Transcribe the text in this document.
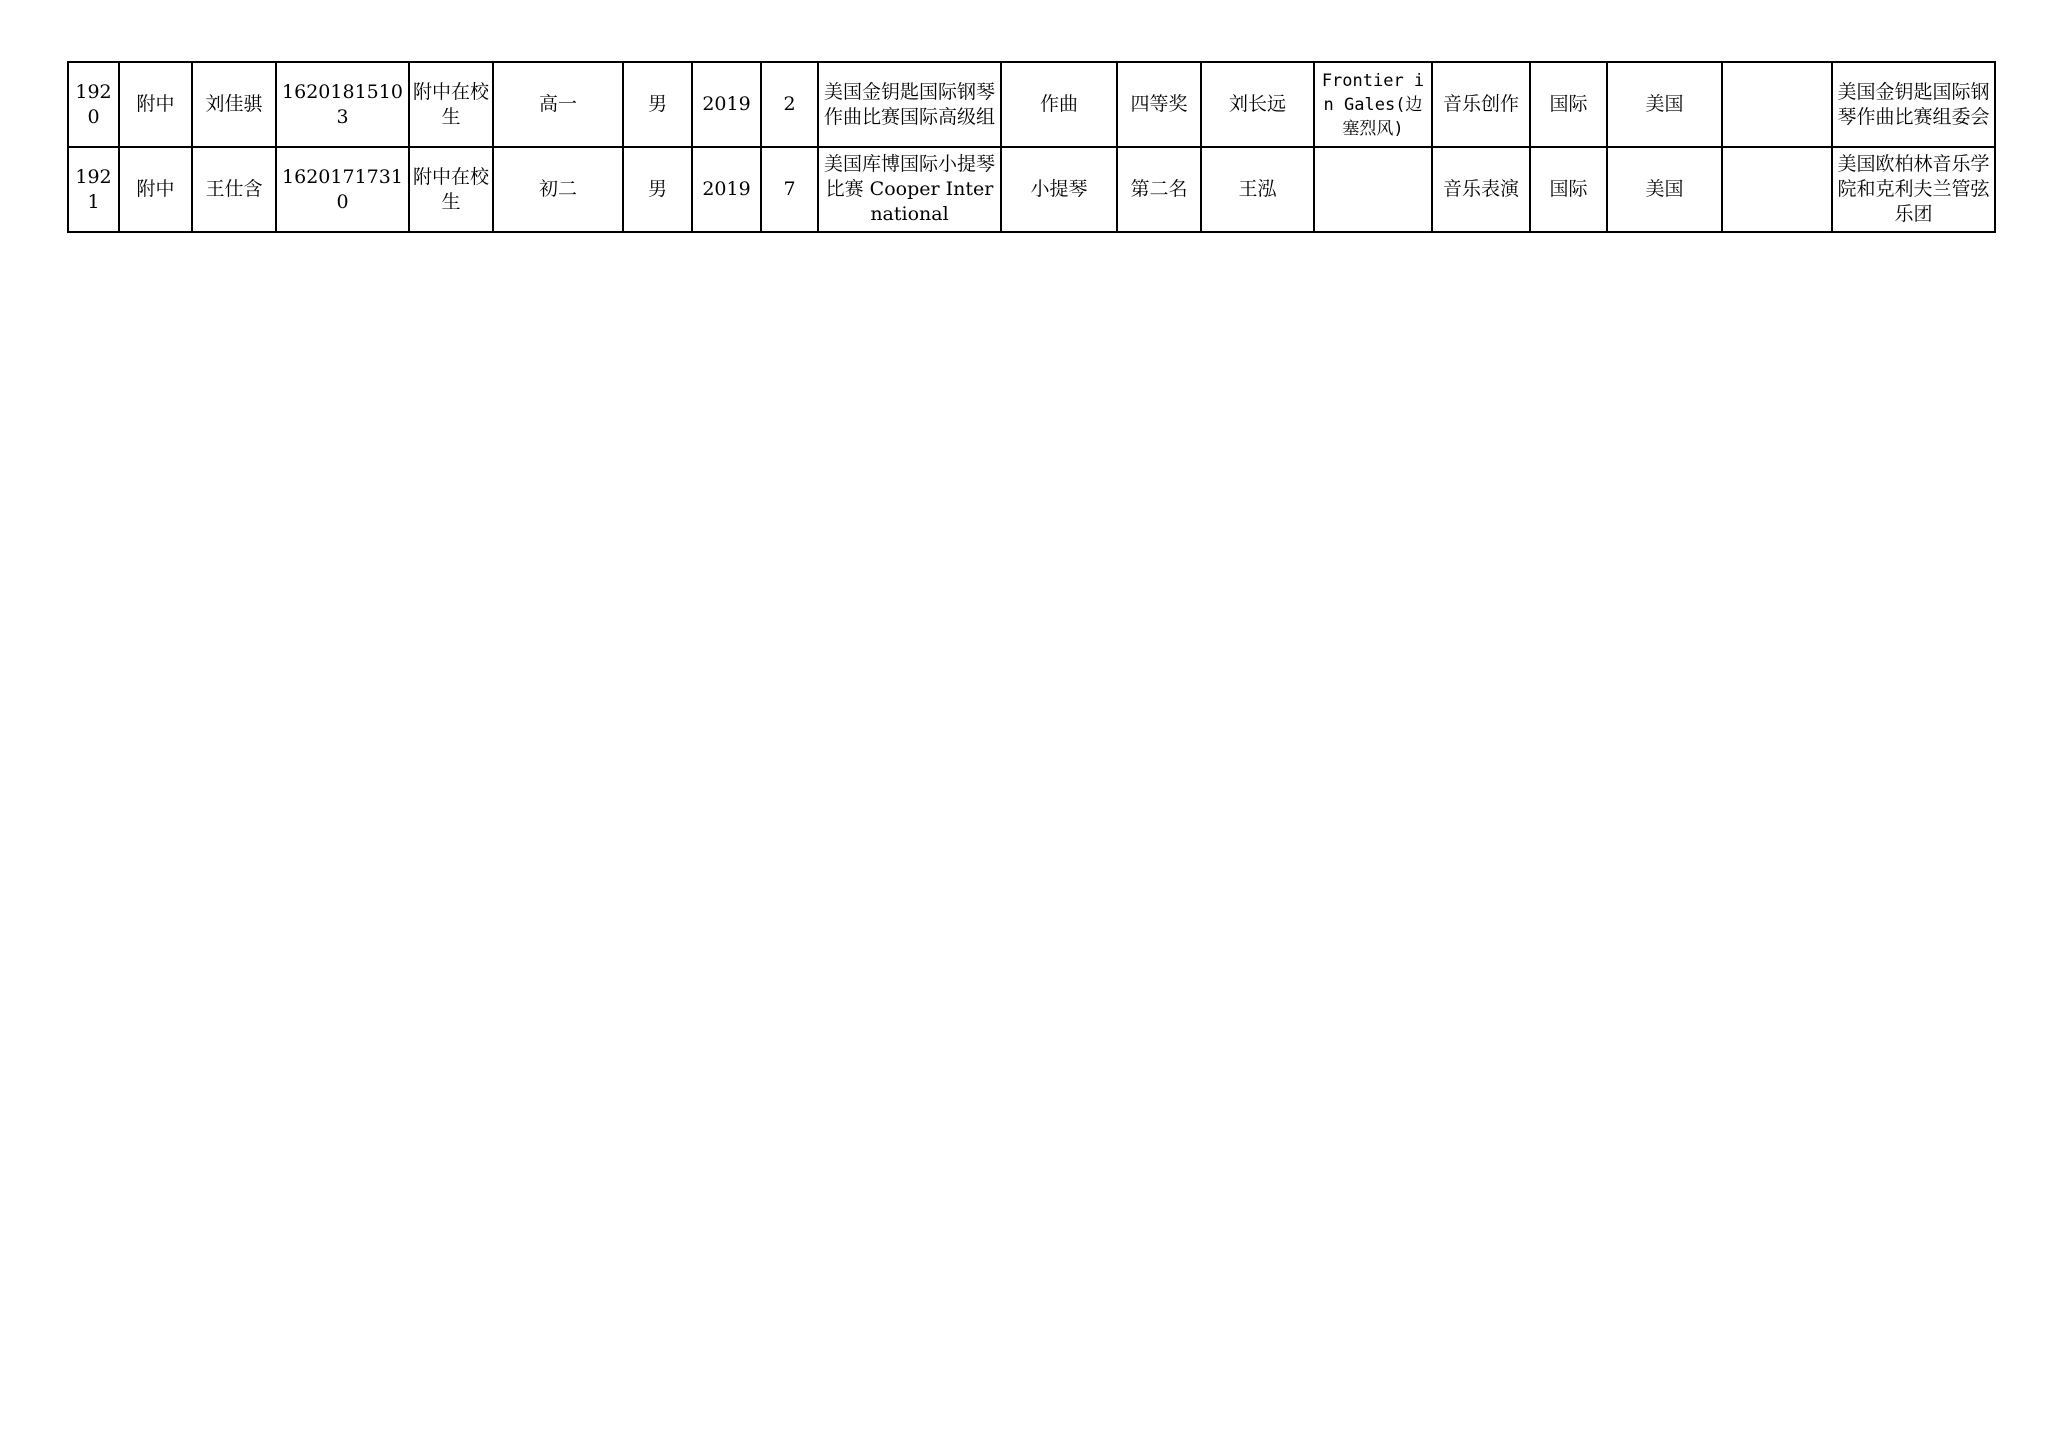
1920	附中	刘佳骐	16201815103	附中在校生	高一	男	2019	2	美国金钥匙国际钢琴作曲比赛国际高级组	作曲	四等奖	刘长远	Frontier in Gales(边塞烈风)	音乐创作	国际	美国		美国金钥匙国际钢琴作曲比赛组委会

1921	附中	王仕含	16201717310	附中在校生	初二	男	2019	7	美国库博国际小提琴比赛 Cooper International	小提琴	第二名	王泓		音乐表演	国际	美国		美国欧柏林音乐学院和克利夫兰管弦乐团
